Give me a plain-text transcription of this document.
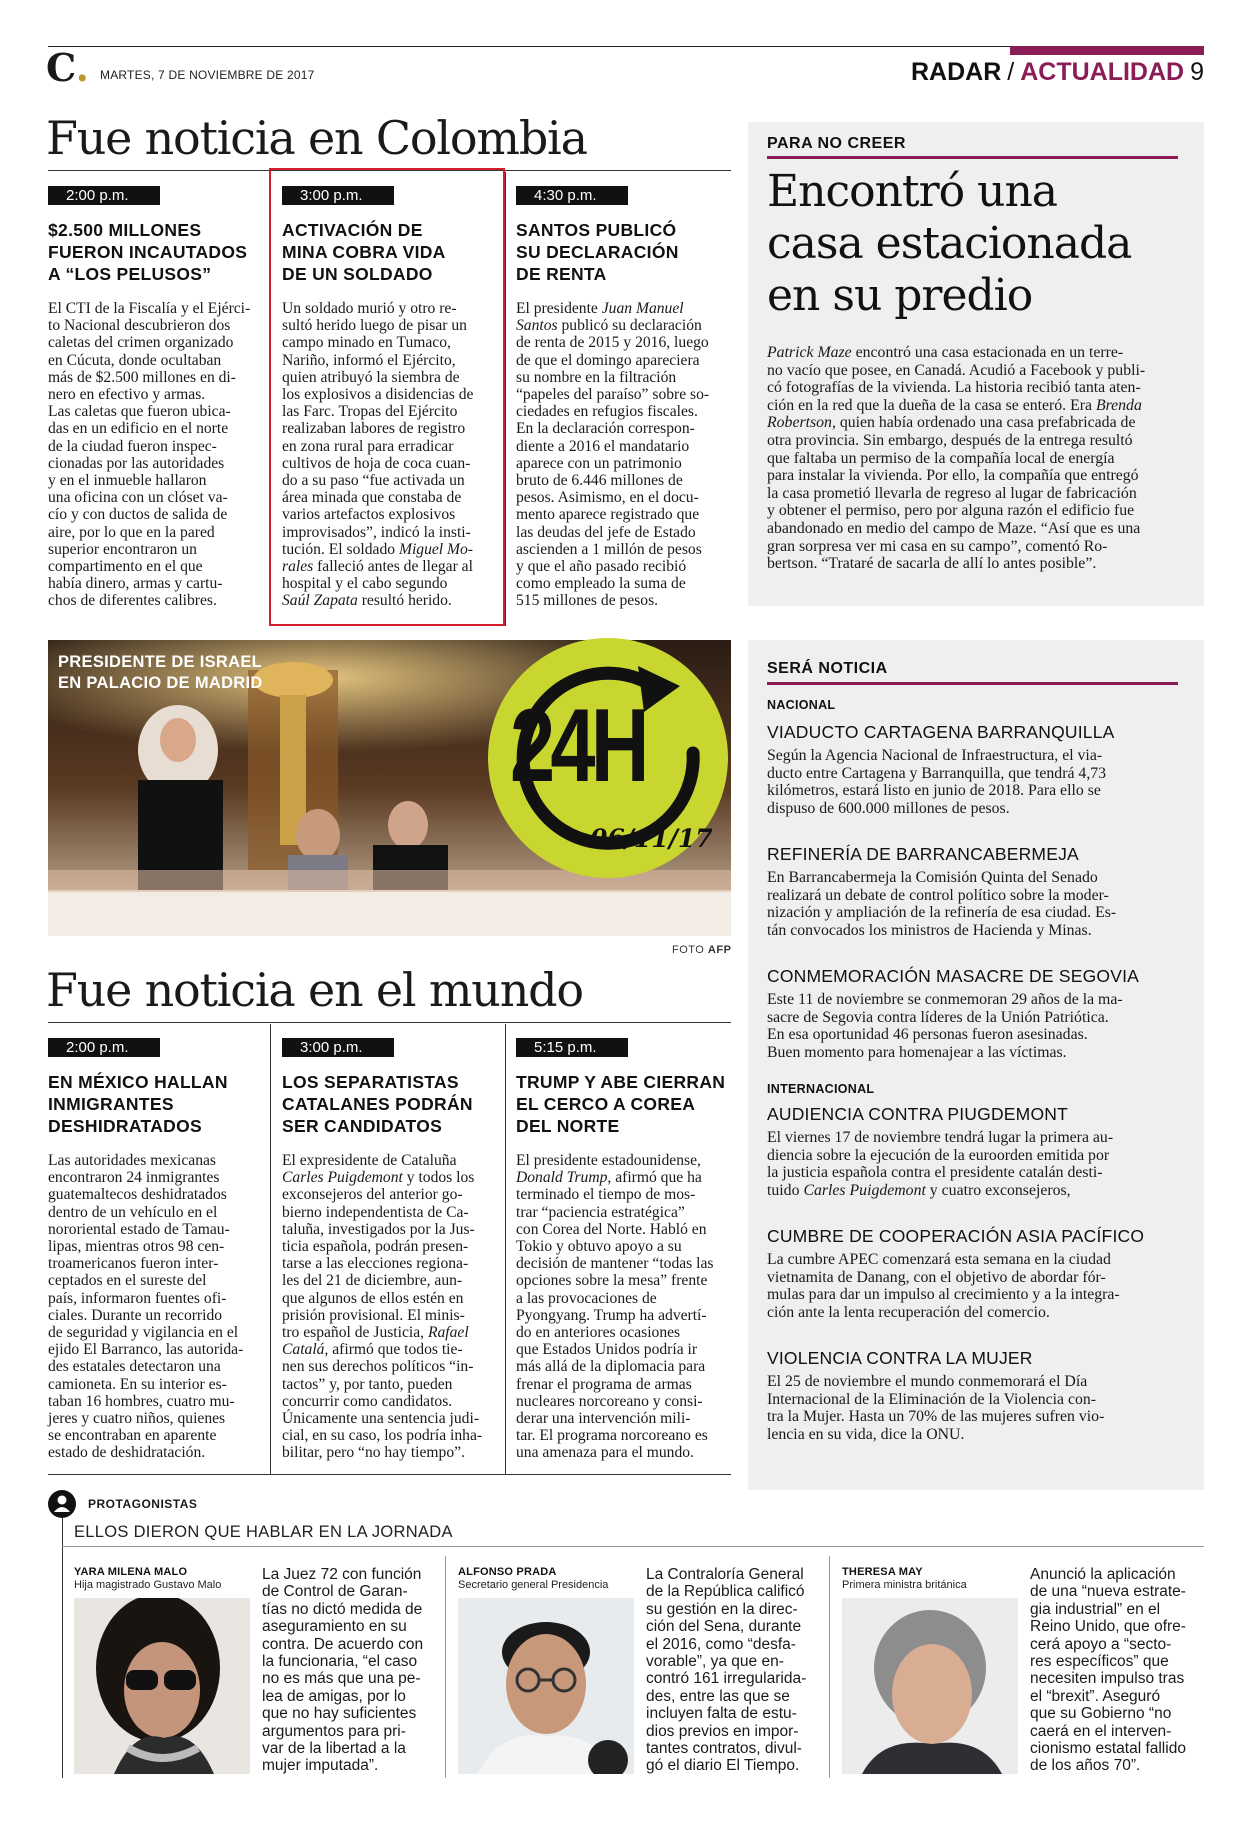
C. MARTES, 7 DE NOVIEMBRE DE 2017	RADAR / ACTUALIDAD 9
Fue noticia en Colombia
2:00 p.m.
$2.500 MILLONES
FUERON INCAUTADOS
A “LOS PELUSOS”
El CTI de la Fiscalía y el Ejérci-
to Nacional descubrieron dos
caletas del crimen organizado
en Cúcuta, donde ocultaban
más de $2.500 millones en di-
nero en efectivo y armas.
Las caletas que fueron ubica-
das en un edificio en el norte
de la ciudad fueron inspec-
cionadas por las autoridades
y en el inmueble hallaron
una oficina con un clóset va-
cío y con ductos de salida de
aire, por lo que en la pared
superior encontraron un
compartimento en el que
había dinero, armas y cartu-
chos de diferentes calibres.
3:00 p.m.
ACTIVACIÓN DE
MINA COBRA VIDA
DE UN SOLDADO
Un soldado murió y otro re-
sultó herido luego de pisar un
campo minado en Tumaco,
Nariño, informó el Ejército,
quien atribuyó la siembra de
los explosivos a disidencias de
las Farc. Tropas del Ejército
realizaban labores de registro
en zona rural para erradicar
cultivos de hoja de coca cuan-
do a su paso “fue activada un
área minada que constaba de
varios artefactos explosivos
improvisados”, indicó la insti-
tución. El soldado Miguel Mo-
rales falleció antes de llegar al
hospital y el cabo segundo
Saúl Zapata resultó herido.
4:30 p.m.
SANTOS PUBLICÓ
SU DECLARACIÓN
DE RENTA
El presidente Juan Manuel
Santos publicó su declaración
de renta de 2015 y 2016, luego
de que el domingo apareciera
su nombre en la filtración
“papeles del paraíso” sobre so-
ciedades en refugios fiscales.
En la declaración correspon-
diente a 2016 el mandatario
aparece con un patrimonio
bruto de 6.446 millones de
pesos. Asimismo, en el docu-
mento aparece registrado que
las deudas del jefe de Estado
ascienden a 1 millón de pesos
y que el año pasado recibió
como empleado la suma de
515 millones de pesos.
PARA NO CREER
Encontró una
casa estacionada
en su predio
Patrick Maze encontró una casa estacionada en un terre-
no vacío que posee, en Canadá. Acudió a Facebook y publi-
có fotografías de la vivienda. La historia recibió tanta aten-
ción en la red que la dueña de la casa se enteró. Era Brenda
Robertson, quien había ordenado una casa prefabricada de
otra provincia. Sin embargo, después de la entrega resultó
que faltaba un permiso de la compañía local de energía
para instalar la vivienda. Por ello, la compañía que entregó
la casa prometió llevarla de regreso al lugar de fabricación
y obtener el permiso, pero por alguna razón el edificio fue
abandonado en medio del campo de Maze. “Así que es una
gran sorpresa ver mi casa en su campo”, comentó Ro-
bertson. “Trataré de sacarla de allí lo antes posible”.
PRESIDENTE DE ISRAEL
EN PALACIO DE MADRID
24H
06/11/17
FOTO AFP
SERÁ NOTICIA
NACIONAL
VIADUCTO CARTAGENA BARRANQUILLA
Según la Agencia Nacional de Infraestructura, el via-
ducto entre Cartagena y Barranquilla, que tendrá 4,73
kilómetros, estará listo en junio de 2018. Para ello se
dispuso de 600.000 millones de pesos.
REFINERÍA DE BARRANCABERMEJA
En Barrancabermeja la Comisión Quinta del Senado
realizará un debate de control político sobre la moder-
nización y ampliación de la refinería de esa ciudad. Es-
tán convocados los ministros de Hacienda y Minas.
CONMEMORACIÓN MASACRE DE SEGOVIA
Este 11 de noviembre se conmemoran 29 años de la ma-
sacre de Segovia contra líderes de la Unión Patriótica.
En esa oportunidad 46 personas fueron asesinadas.
Buen momento para homenajear a las víctimas.
INTERNACIONAL
AUDIENCIA CONTRA PIUGDEMONT
El viernes 17 de noviembre tendrá lugar la primera au-
diencia sobre la ejecución de la euroorden emitida por
la justicia española contra el presidente catalán desti-
tuido Carles Puigdemont y cuatro exconsejeros,
CUMBRE DE COOPERACIÓN ASIA PACÍFICO
La cumbre APEC comenzará esta semana en la ciudad
vietnamita de Danang, con el objetivo de abordar fór-
mulas para dar un impulso al crecimiento y a la integra-
ción ante la lenta recuperación del comercio.
VIOLENCIA CONTRA LA MUJER
El 25 de noviembre el mundo conmemorará el Día
Internacional de la Eliminación de la Violencia con-
tra la Mujer. Hasta un 70% de las mujeres sufren vio-
lencia en su vida, dice la ONU.
Fue noticia en el mundo
2:00 p.m.
EN MÉXICO HALLAN
INMIGRANTES
DESHIDRATADOS
Las autoridades mexicanas
encontraron 24 inmigrantes
guatemaltecos deshidratados
dentro de un vehículo en el
nororiental estado de Tamau-
lipas, mientras otros 98 cen-
troamericanos fueron inter-
ceptados en el sureste del
país, informaron fuentes ofi-
ciales. Durante un recorrido
de seguridad y vigilancia en el
ejido El Barranco, las autorida-
des estatales detectaron una
camioneta. En su interior es-
taban 16 hombres, cuatro mu-
jeres y cuatro niños, quienes
se encontraban en aparente
estado de deshidratación.
3:00 p.m.
LOS SEPARATISTAS
CATALANES PODRÁN
SER CANDIDATOS
El expresidente de Cataluña
Carles Puigdemont y todos los
exconsejeros del anterior go-
bierno independentista de Ca-
taluña, investigados por la Jus-
ticia española, podrán presen-
tarse a las elecciones regiona-
les del 21 de diciembre, aun-
que algunos de ellos estén en
prisión provisional. El minis-
tro español de Justicia, Rafael
Catalá, afirmó que todos tie-
nen sus derechos políticos “in-
tactos” y, por tanto, pueden
concurrir como candidatos.
Únicamente una sentencia judi-
cial, en su caso, los podría inha-
bilitar, pero “no hay tiempo”.
5:15 p.m.
TRUMP Y ABE CIERRAN
EL CERCO A COREA
DEL NORTE
El presidente estadounidense,
Donald Trump, afirmó que ha
terminado el tiempo de mos-
trar “paciencia estratégica”
con Corea del Norte. Habló en
Tokio y obtuvo apoyo a su
decisión de mantener “todas las
opciones sobre la mesa” frente
a las provocaciones de
Pyongyang. Trump ha advertí-
do en anteriores ocasiones
que Estados Unidos podría ir
más allá de la diplomacia para
frenar el programa de armas
nucleares norcoreano y consi-
derar una intervención mili-
tar. El programa norcoreano es
una amenaza para el mundo.
PROTAGONISTAS
ELLOS DIERON QUE HABLAR EN LA JORNADA
YARA MILENA MALO
Hija magistrado Gustavo Malo
La Juez 72 con función
de Control de Garan-
tías no dictó medida de
aseguramiento en su
contra. De acuerdo con
la funcionaria, “el caso
no es más que una pe-
lea de amigas, por lo
que no hay suficientes
argumentos para pri-
var de la libertad a la
mujer imputada”.
ALFONSO PRADA
Secretario general Presidencia
La Contraloría General
de la República calificó
su gestión en la direc-
ción del Sena, durante
el 2016, como “desfa-
vorable”, ya que en-
contró 161 irregularida-
des, entre las que se
incluyen falta de estu-
dios previos en impor-
tantes contratos, divul-
gó el diario El Tiempo.
THERESA MAY
Primera ministra británica
Anunció la aplicación
de una “nueva estrate-
gia industrial” en el
Reino Unido, que ofre-
cerá apoyo a “secto-
res específicos” que
necesiten impulso tras
el “brexit”. Aseguró
que su Gobierno “no
caerá en el interven-
cionismo estatal fallido
de los años 70”.
